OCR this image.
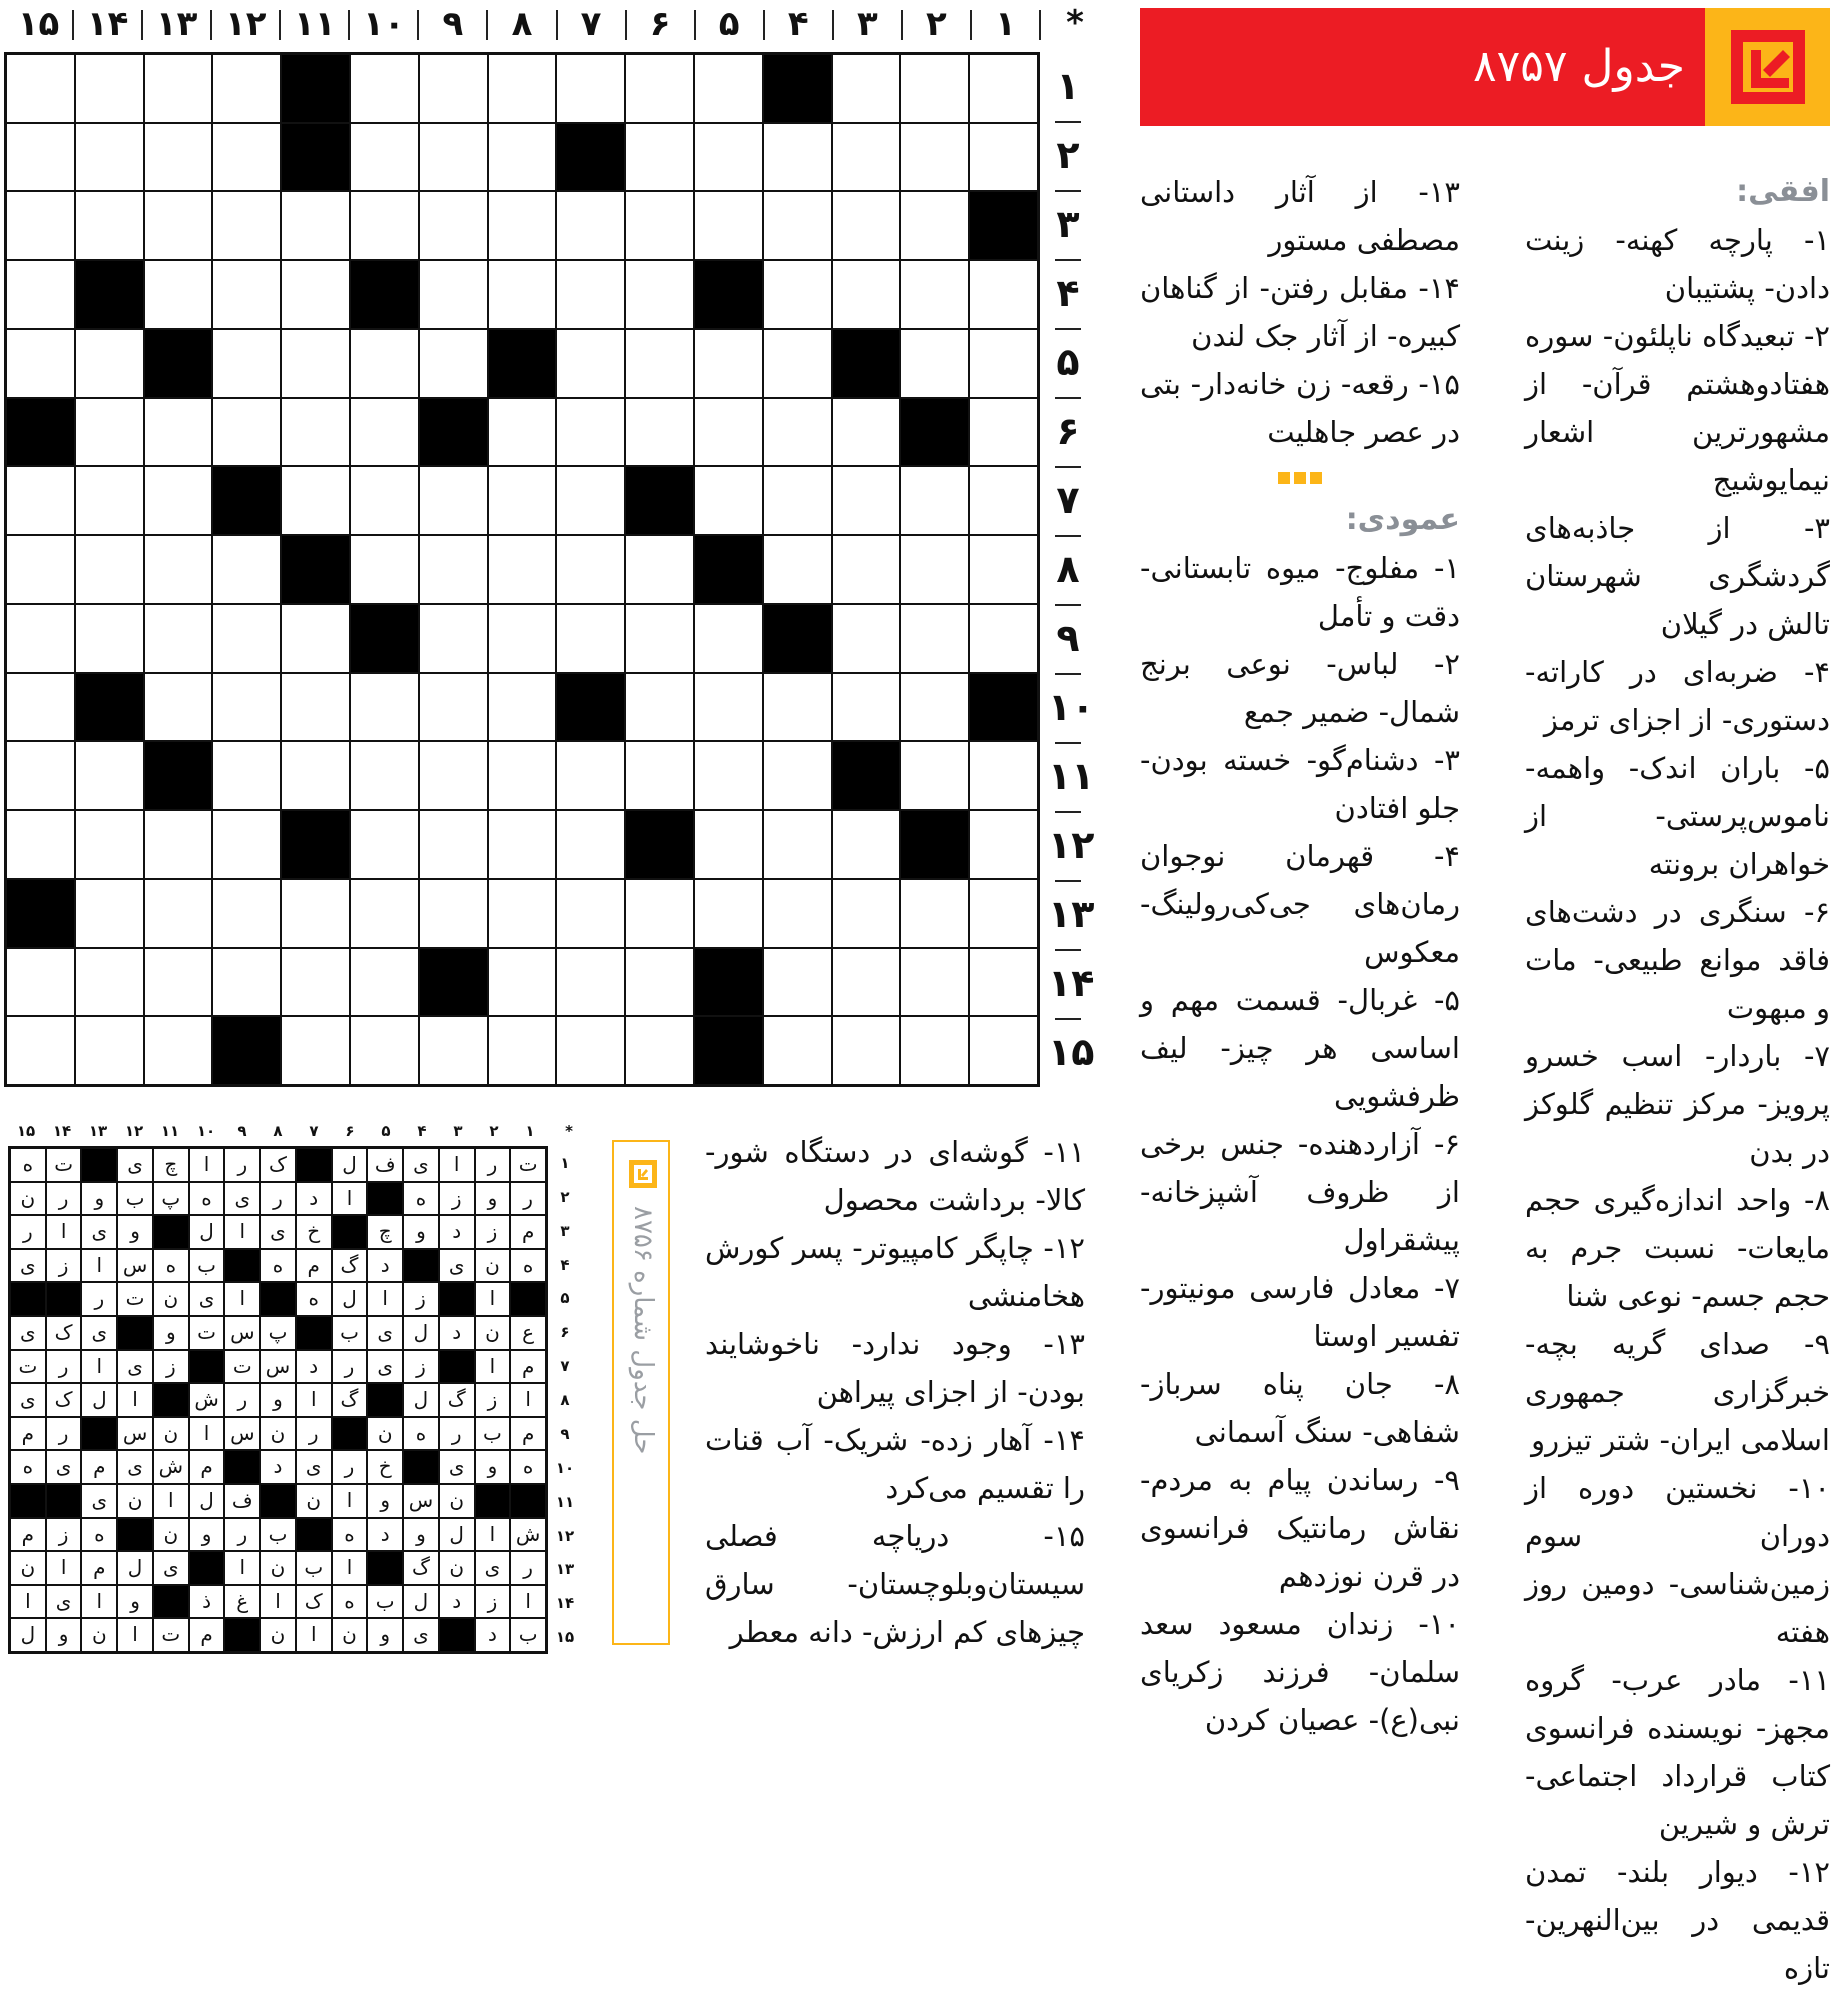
*
۱
۲
۳
۴
۵
۶
۷
۸
۹
۱۰
۱۱
۱۲
۱۳
۱۴
۱۵
۱
۲
۳
۴
۵
۶
۷
۸
۹
۱۰
۱۱
۱۲
۱۳
۱۴
۱۵
جدول ۸۷۵۷

افقی:

۱- پارچه کهنه- زینت دادن- پشتیبان

۲- تبعیدگاه ناپلئون- سوره هفتادوهشتم قرآن- از مشهورترین اشعار نیمایوشیج

۳- از جاذبه‌های گردشگری شهرستان تالش در گیلان

۴- ضربه‌ای در کاراته- دستوری- از اجزای ترمز

۵- باران اندک- واهمه- ناموس‌پرستی- از خواهران برونته

۶- سنگری در دشت‌های فاقد موانع طبیعی- مات و مبهوت

۷- باردار- اسب خسرو پرویز- مرکز تنظیم گلوکز در بدن

۸- واحد اندازه‌گیری حجم مایعات- نسبت جرم به حجم جسم- نوعی شنا

۹- صدای گریه بچه- خبرگزاری جمهوری اسلامی ایران- شتر تیزرو

۱۰- نخستین دوره از دوران سوم زمین‌شناسی- دومین روز هفته

۱۱- مادر عرب- گروه مجهز- نویسنده فرانسوی کتاب قرارداد اجتماعی- ترش و شیرین

۱۲- دیوار بلند- تمدن قدیمی در بین‌النهرین- تازه

۱۳- از آثار داستانی مصطفی مستور

۱۴- مقابل رفتن- از گناهان کبیره- از آثار جک لندن

۱۵- رقعه- زن خانه‌دار- بتی در عصر جاهلیت

عمودی:

۱- مفلوج- میوه تابستانی- دقت و تأمل

۲- لباس- نوعی برنج شمال- ضمیر جمع

۳- دشنام‌گو- خسته بودن- جلو افتادن

۴- قهرمان نوجوان رمان‌های جی‌کی‌رولینگ- معکوس

۵- غربال- قسمت مهم و اساسی هر چیز- لیف ظرفشویی

۶- آزاردهنده- جنس برخی از ظروف آشپزخانه- پیشقراول

۷- معادل فارسی مونیتور- تفسیر اوستا

۸- جان پناه سرباز- شفاهی- سنگ آسمانی

۹- رساندن پیام به مردم- نقاش رمانتیک فرانسوی در قرن نوزدهم

۱۰- زندان مسعود سعد سلمان- فرزند زکریای نبی(ع)- عصیان کردن

۱۱- گوشه‌ای در دستگاه شور- کالا- برداشت محصول

۱۲- چاپگر کامپیوتر- پسر کورش هخامنشی

۱۳- وجود ندارد- ناخوشایند بودن- از اجزای پیراهن

۱۴- آهار زده- شریک- آب قنات را تقسیم می‌کرد

۱۵- دریاچه فصلی سیستان‌وبلوچستان- سارق چیزهای کم ارزش- دانه معطر

*
۱
۲
۳
۴
۵
۶
۷
۸
۹
۱۰
۱۱
۱۲
۱۳
۱۴
۱۵
ت
ر
ا
ی
ف
ل
ک
ر
ا
چ
ی
ت
ه
ر
و
ز
ه
ا
د
ر
ی
ه
پ
ب
و
ر
ن
م
ز
د
و
چ
خ
ی
ا
ل
و
ی
ا
ر
ه
ن
ی
د
گ
م
ه
ب
ه
س
ا
ز
ی
ا
ز
ا
ل
ه
ا
ی
ن
ت
ر
ع
ن
د
ل
ی
ب
پ
س
ت
و
ی
ک
ی
م
ا
ز
ی
ر
د
س
ت
ز
ی
ا
ر
ت
ا
ز
گ
ل
گ
ا
و
ر
ش
ا
ل
ک
ی
م
ب
ر
ه
ن
ر
ن
س
ا
ن
س
ر
م
ه
و
ی
خ
ر
ی
د
م
ش
ی
م
ی
ه
ن
س
و
ا
ن
ف
ل
ا
ن
ی
ش
ا
ل
و
د
ه
ب
ر
و
ن
ه
ز
م
ر
ی
ن
گ
ا
ب
ن
ا
ی
ل
م
ا
ن
ا
ز
د
ل
ب
ه
ک
ا
غ
ذ
و
ا
ی
ا
ب
د
ی
و
ن
ا
ن
م
ت
ا
ن
و
ل
۱
۲
۳
۴
۵
۶
۷
۸
۹
۱۰
۱۱
۱۲
۱۳
۱۴
۱۵
حل جدول شماره ۸۷۵۶
